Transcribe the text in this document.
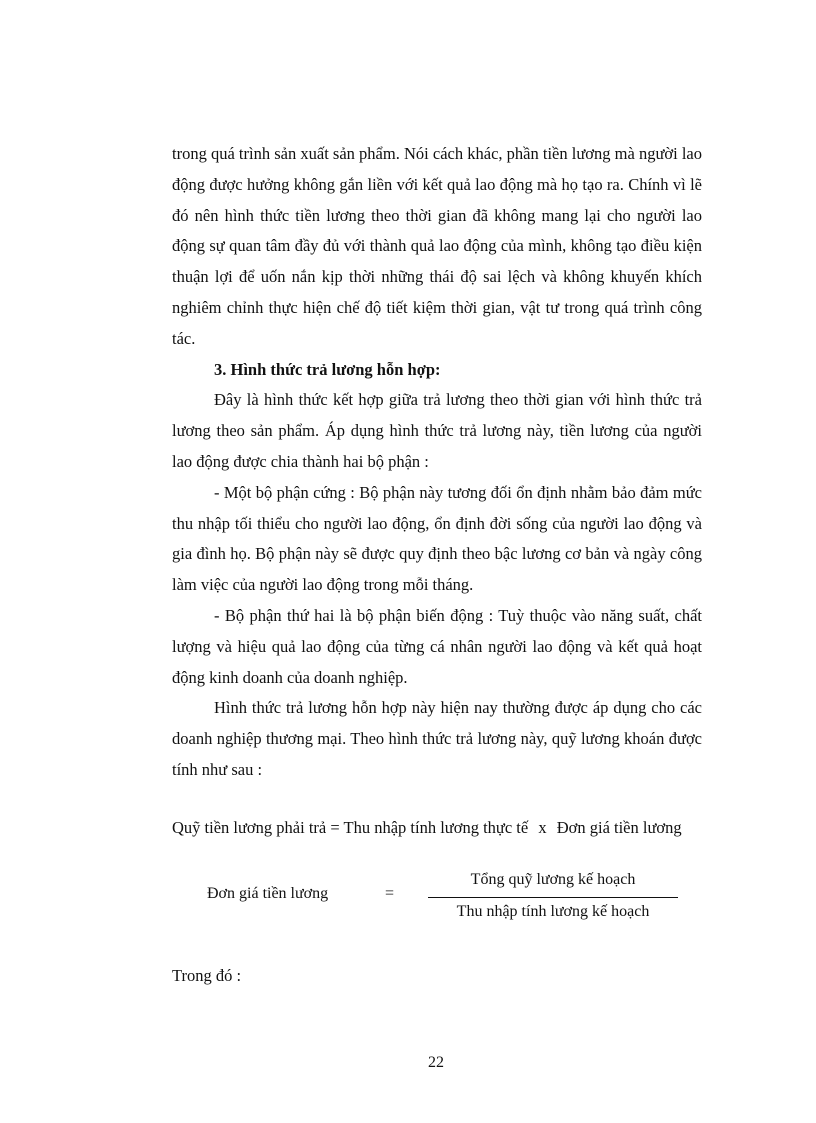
trong quá trình sản xuất sản phẩm. Nói cách khác, phần tiền lương mà người lao động được hưởng không gắn liền với kết quả lao động mà họ tạo ra. Chính vì lẽ đó nên hình thức tiền lương theo thời gian đã không mang lại cho người lao động sự quan tâm đầy đủ với thành quả lao động của mình, không tạo điều kiện thuận lợi để uốn nắn kịp thời những thái độ sai lệch và không khuyến khích nghiêm chỉnh thực hiện chế độ tiết kiệm thời gian, vật tư trong quá trình công tác.

3. Hình thức trả lương hỗn hợp:

Đây là hình thức kết hợp giữa trả lương theo thời gian với hình thức trả lương theo sản phẩm. Áp dụng hình thức trả lương này, tiền lương của người lao động được chia thành hai bộ phận :

- Một bộ phận cứng : Bộ phận này tương đối ổn định nhằm bảo đảm mức thu nhập tối thiểu cho người lao động, ổn định đời sống của người lao động và gia đình họ. Bộ phận này sẽ được quy định theo bậc lương cơ bản và ngày công làm việc của người lao động trong mỗi tháng.

- Bộ phận thứ hai là bộ phận biến động : Tuỳ thuộc vào năng suất, chất lượng và hiệu quả lao động của từng cá nhân người lao động và kết quả hoạt động kinh doanh của doanh nghiệp.

Hình thức trả lương hỗn hợp này hiện nay thường được áp dụng cho các doanh nghiệp thương mại. Theo hình thức trả lương này, quỹ lương khoán được tính như sau :

Quỹ tiền lương phải trả = Thu nhập tính lương thực tế x Đơn giá tiền lương
Đơn giá tiền lương	=
Tổng quỹ lương kế hoạch
Thu nhập tính lương kế hoạch
Trong đó :
22
